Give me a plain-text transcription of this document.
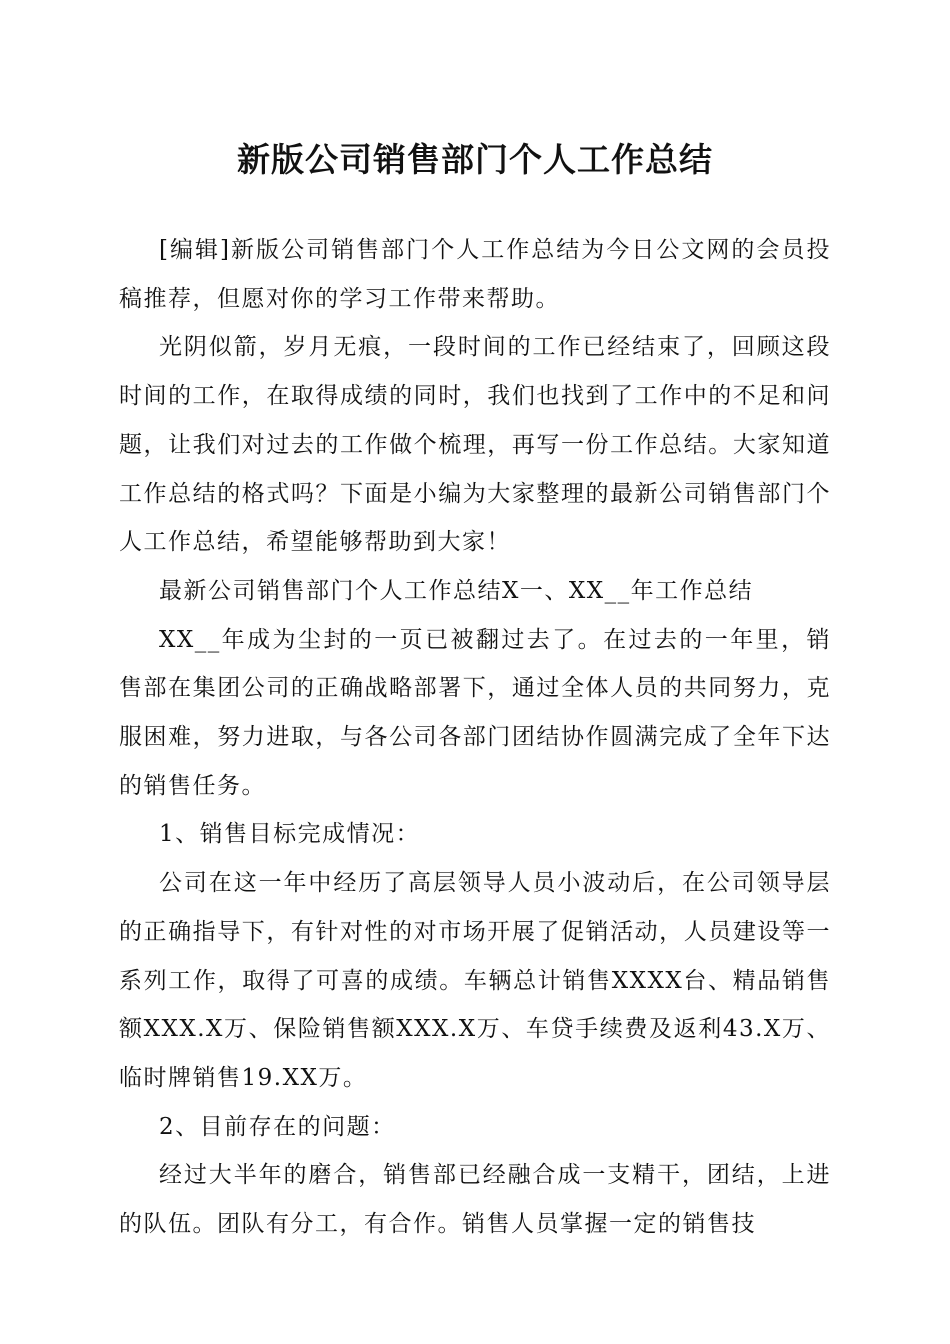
新版公司销售部门个人工作总结

[编辑]新版公司销售部门个人工作总结为今日公文网的会员投稿推荐，但愿对你的学习工作带来帮助。

光阴似箭，岁月无痕，一段时间的工作已经结束了，回顾这段时间的工作，在取得成绩的同时，我们也找到了工作中的不足和问题，让我们对过去的工作做个梳理，再写一份工作总结。大家知道工作总结的格式吗？下面是小编为大家整理的最新公司销售部门个人工作总结，希望能够帮助到大家！

最新公司销售部门个人工作总结X一、XX__年工作总结

XX__年成为尘封的一页已被翻过去了。在过去的一年里，销售部在集团公司的正确战略部署下，通过全体人员的共同努力，克服困难，努力进取，与各公司各部门团结协作圆满完成了全年下达的销售任务。

1、销售目标完成情况：

公司在这一年中经历了高层领导人员小波动后，在公司领导层的正确指导下，有针对性的对市场开展了促销活动，人员建设等一系列工作，取得了可喜的成绩。车辆总计销售XXXX台、精品销售额XXX.X万、保险销售额XXX.X万、车贷手续费及返利43.X万、临时牌销售19.XX万。

2、目前存在的问题：

经过大半年的磨合，销售部已经融合成一支精干，团结，上进的队伍。团队有分工，有合作。销售人员掌握一定的销售技
